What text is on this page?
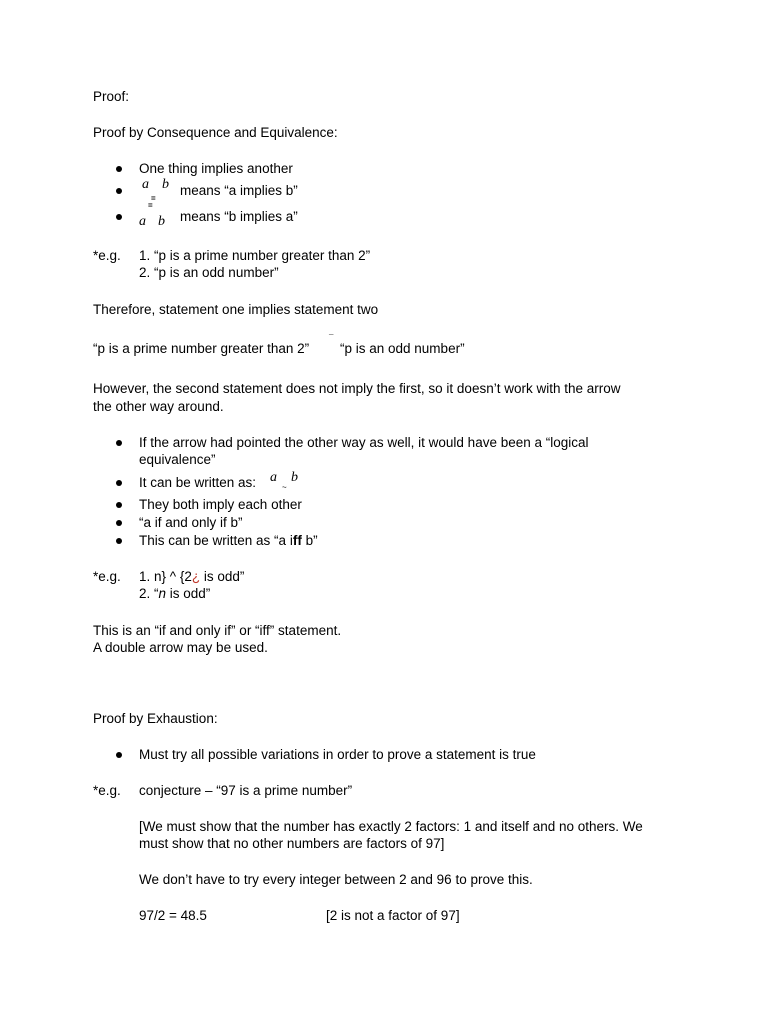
Proof:
Proof by Consequence and Equivalence:
One thing implies another
a b
=
means “a implies b”
=
a b means “b implies a”
*e.g. 1. “p is a prime number greater than 2”
2. “p is an odd number”
Therefore, statement one implies statement two
“p is a prime number greater than 2”
¯
“p is an odd number”
However, the second statement does not imply the first, so it doesn’t work with the arrow
the other way around.
If the arrow had pointed the other way as well, it would have been a “logical
equivalence”
It can be written as: a b
~
They both imply each other
“a if and only if b”
This can be written as “a iff b”
*e.g. 1. n} ^ {2¿ is odd”
2. “n is odd”
This is an “if and only if” or “iff” statement.
A double arrow may be used.
Proof by Exhaustion:
Must try all possible variations in order to prove a statement is true
*e.g. conjecture – “97 is a prime number”
[We must show that the number has exactly 2 factors: 1 and itself and no others. We
must show that no other numbers are factors of 97]
We don’t have to try every integer between 2 and 96 to prove this.
97/2 = 48.5	[2 is not a factor of 97]
